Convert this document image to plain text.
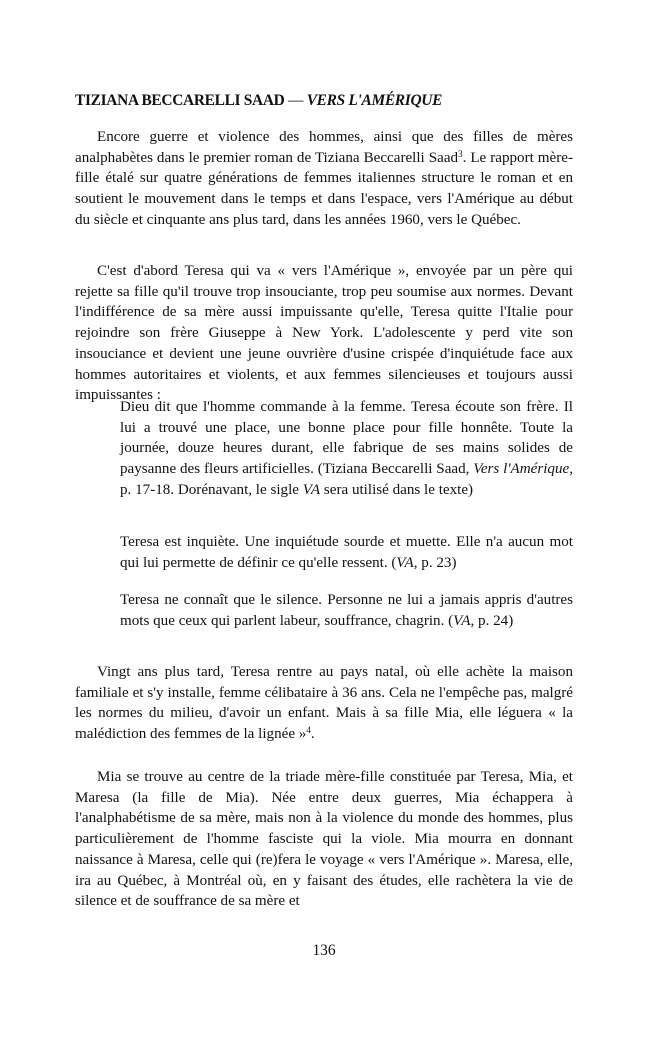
TIZIANA BECCARELLI SAAD — VERS L'AMÉRIQUE

Encore guerre et violence des hommes, ainsi que des filles de mères analphabètes dans le premier roman de Tiziana Beccarelli Saad$^3$. Le rapport mère-fille étalé sur quatre générations de femmes italiennes structure le roman et en soutient le mouvement dans le temps et dans l'espace, vers l'Amérique au début du siècle et cinquante ans plus tard, dans les années 1960, vers le Québec.

C'est d'abord Teresa qui va « vers l'Amérique », envoyée par un père qui rejette sa fille qu'il trouve trop insouciante, trop peu soumise aux normes. Devant l'indifférence de sa mère aussi impuissante qu'elle, Teresa quitte l'Italie pour rejoindre son frère Giuseppe à New York. L'adolescente y perd vite son insouciance et devient une jeune ouvrière d'usine crispée d'inquiétude face aux hommes autoritaires et violents, et aux femmes silencieuses et toujours aussi impuissantes :

Dieu dit que l'homme commande à la femme. Teresa écoute son frère. Il lui a trouvé une place, une bonne place pour fille honnête. Toute la journée, douze heures durant, elle fabrique de ses mains solides de paysanne des fleurs artificielles. (Tiziana Beccarelli Saad, Vers l'Amérique, p. 17-18. Dorénavant, le sigle VA sera utilisé dans le texte)

Teresa est inquiète. Une inquiétude sourde et muette. Elle n'a aucun mot qui lui permette de définir ce qu'elle ressent. (VA, p. 23)

Teresa ne connaît que le silence. Personne ne lui a jamais appris d'autres mots que ceux qui parlent labeur, souffrance, chagrin. (VA, p. 24)

Vingt ans plus tard, Teresa rentre au pays natal, où elle achète la maison familiale et s'y installe, femme célibataire à 36 ans. Cela ne l'empêche pas, malgré les normes du milieu, d'avoir un enfant. Mais à sa fille Mia, elle léguera « la malédiction des femmes de la lignée »$^4$.

Mia se trouve au centre de la triade mère-fille constituée par Teresa, Mia, et Maresa (la fille de Mia). Née entre deux guerres, Mia échappera à l'analphabétisme de sa mère, mais non à la violence du monde des hommes, plus particulièrement de l'homme fasciste qui la viole. Mia mourra en donnant naissance à Maresa, celle qui (re)fera le voyage « vers l'Amérique ». Maresa, elle, ira au Québec, à Montréal où, en y faisant des études, elle rachètera la vie de silence et de souffrance de sa mère et

136
